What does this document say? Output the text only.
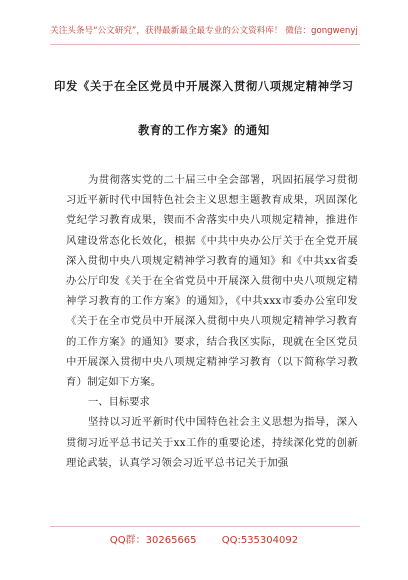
关注头条号“公文研究”，获得最新最全最专业的公文资料库！ 微信：gongwenyj
印发《关于在全区党员中开展深入贯彻八项规定精神学习
教育的工作方案》的通知

为贯彻落实党的二十届三中全会部署，巩固拓展学习贯彻习近平新时代中国特色社会主义思想主题教育成果，巩固深化党纪学习教育成果，锲而不舍落实中央八项规定精神，推进作风建设常态化长效化，根据《中共中央办公厅关于在全党开展深入贯彻中央八项规定精神学习教育的通知》和《中共xx省委办公厅印发《关于在全省党员中开展深入贯彻中央八项规定精神学习教育的工作方案》的通知》，《中共xxx市委办公室印发《关于在全市党员中开展深入贯彻中央八项规定精神学习教育的工作方案》的通知》要求，结合我区实际，现就在全区党员中开展深入贯彻中央八项规定精神学习教育（以下简称学习教育）制定如下方案。

一、目标要求

坚持以习近平新时代中国特色社会主义思想为指导，深入贯彻习近平总书记关于xx工作的重要论述，持续深化党的创新理论武装，认真学习领会习近平总书记关于加强

QQ群：30265665	QQ:535304092
